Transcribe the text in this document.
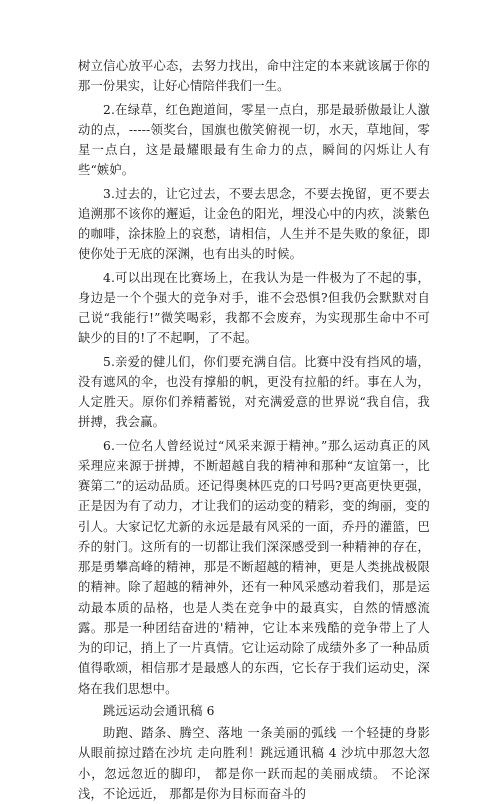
树立信心放平心态，去努力找出，命中注定的本来就该属于你的那一份果实，让好心情陪伴我们一生。

2.在绿草，红色跑道间，零星一点白，那是最骄傲最让人激动的点，-----领奖台，国旗也傲笑俯视一切，水天，草地间，零星一点白，这是最耀眼最有生命力的点，瞬间的闪烁让人有些“嫉妒。

3.过去的，让它过去，不要去思念，不要去挽留，更不要去追溯那不该你的邂逅，让金色的阳光，埋没心中的内疚，淡紫色的咖啡，涂抹脸上的哀愁，请相信，人生并不是失败的象征，即使你处于无底的深渊，也有出头的时候。

4.可以出现在比赛场上，在我认为是一件极为了不起的事，身边是一个个强大的竞争对手，谁不会恐惧?但我仍会默默对自己说“我能行!”微笑喝彩，我都不会废弃，为实现那生命中不可缺少的目的!了不起啊，了不起。

5.亲爱的健儿们，你们要充满自信。比赛中没有挡风的墙，没有遮风的伞，也没有撑船的帆，更没有拉船的纤。事在人为，人定胜天。原你们养精蓄锐，对充满爱意的世界说“我自信，我拼搏，我会赢。

6.一位名人曾经说过“风采来源于精神。”那么运动真正的风采理应来源于拼搏，不断超越自我的精神和那种“友谊第一，比赛第二”的运动品质。还记得奥林匹克的口号吗?更高更快更强，正是因为有了动力，才让我们的运动变的精彩，变的绚丽，变的引人。大家记忆尤新的永远是最有风采的一面，乔丹的灌篮，巴乔的射门。这所有的一切都让我们深深感受到一种精神的存在，那是勇攀高峰的精神，那是不断超越的精神，更是人类挑战极限的精神。除了超越的精神外，还有一种风采感动着我们，那是运动最本质的品格，也是人类在竞争中的最真实，自然的情感流露。那是一种团结奋进的'精神，它让本来残酷的竞争带上了人为的印记，捎上了一片真情。它让运动除了成绩外多了一种品质值得歌颂，相信那才是最感人的东西，它长存于我们运动史，深烙在我们思想中。

跳远运动会通讯稿 6

助跑、踏条、腾空、落地 一条美丽的弧线 一个轻捷的身影 从眼前掠过踏在沙坑 走向胜利！跳远通讯稿 4 沙坑中那忽大忽小，忽远忽近的脚印， 都是你一跃而起的美丽成绩。 不论深浅，不论远近， 那都是你为目标而奋斗的
